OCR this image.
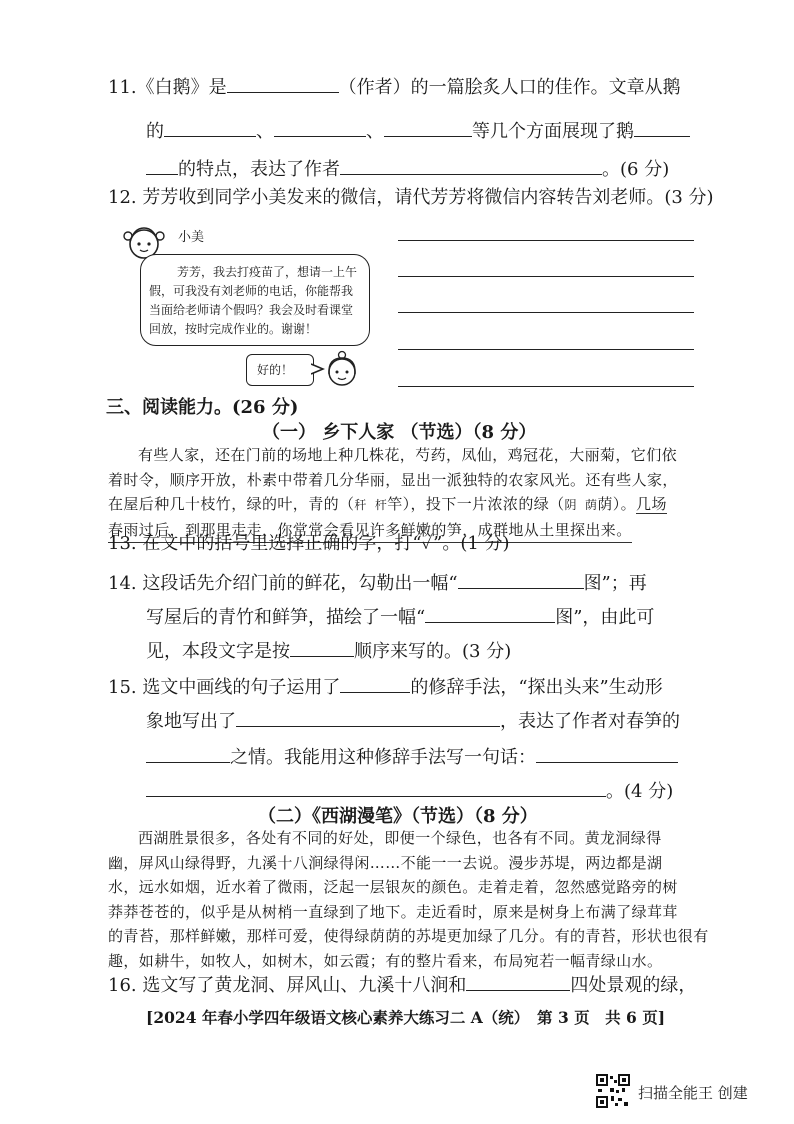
11.《白鹅》是	（作者）的一篇脍炙人口的佳作。文章从鹅
的	、	、	等几个方面展现了鹅
的特点，表达了作者	。(6 分)
12. 芳芳收到同学小美发来的微信，请代芳芳将微信内容转告刘老师。(3 分)
小美
芳芳，我去打疫苗了，想请一上午
假，可我没有刘老师的电话，你能帮我
当面给老师请个假吗？我会及时看课堂
回放，按时完成作业的。谢谢！
好的！
三、阅读能力。(26 分)
（一） 乡下人家 （节选）（8 分）
有些人家，还在门前的场地上种几株花，芍药，凤仙，鸡冠花，大丽菊，它们依
着时令，顺序开放，朴素中带着几分华丽，显出一派独特的农家风光。还有些人家，
在屋后种几十枝竹，绿的叶，青的（秆 杆竿），投下一片浓浓的绿（阴 荫荫）。几场
春雨过后，到那里走走，你常常会看见许多鲜嫩的笋，成群地从土里探出来。
13. 在文中的括号里选择正确的字，打“✓”。(1 分)
14. 这段话先介绍门前的鲜花，勾勒出一幅“	图”；再
写屋后的青竹和鲜笋，描绘了一幅“	图”，由此可
见，本段文字是按	顺序来写的。(3 分)
15. 选文中画线的句子运用了	的修辞手法，“探出头来”生动形
象地写出了	，表达了作者对春笋的
之情。我能用这种修辞手法写一句话：
。(4 分)
（二）《西湖漫笔》（节选）（8 分）
西湖胜景很多，各处有不同的好处，即便一个绿色，也各有不同。黄龙洞绿得
幽，屏风山绿得野，九溪十八涧绿得闲……不能一一去说。漫步苏堤，两边都是湖
水，远水如烟，近水着了微雨，泛起一层银灰的颜色。走着走着，忽然感觉路旁的树
莽莽苍苍的，似乎是从树梢一直绿到了地下。走近看时，原来是树身上布满了绿茸茸
的青苔，那样鲜嫩，那样可爱，使得绿荫荫的苏堤更加绿了几分。有的青苔，形状也很有
趣，如耕牛，如牧人，如树木，如云霞；有的整片看来，布局宛若一幅青绿山水。
16. 选文写了黄龙洞、屏风山、九溪十八涧和	四处景观的绿，
[2024 年春小学四年级语文核心素养大练习二 A（统）　第 3 页　共 6 页]
扫描全能王 创建
